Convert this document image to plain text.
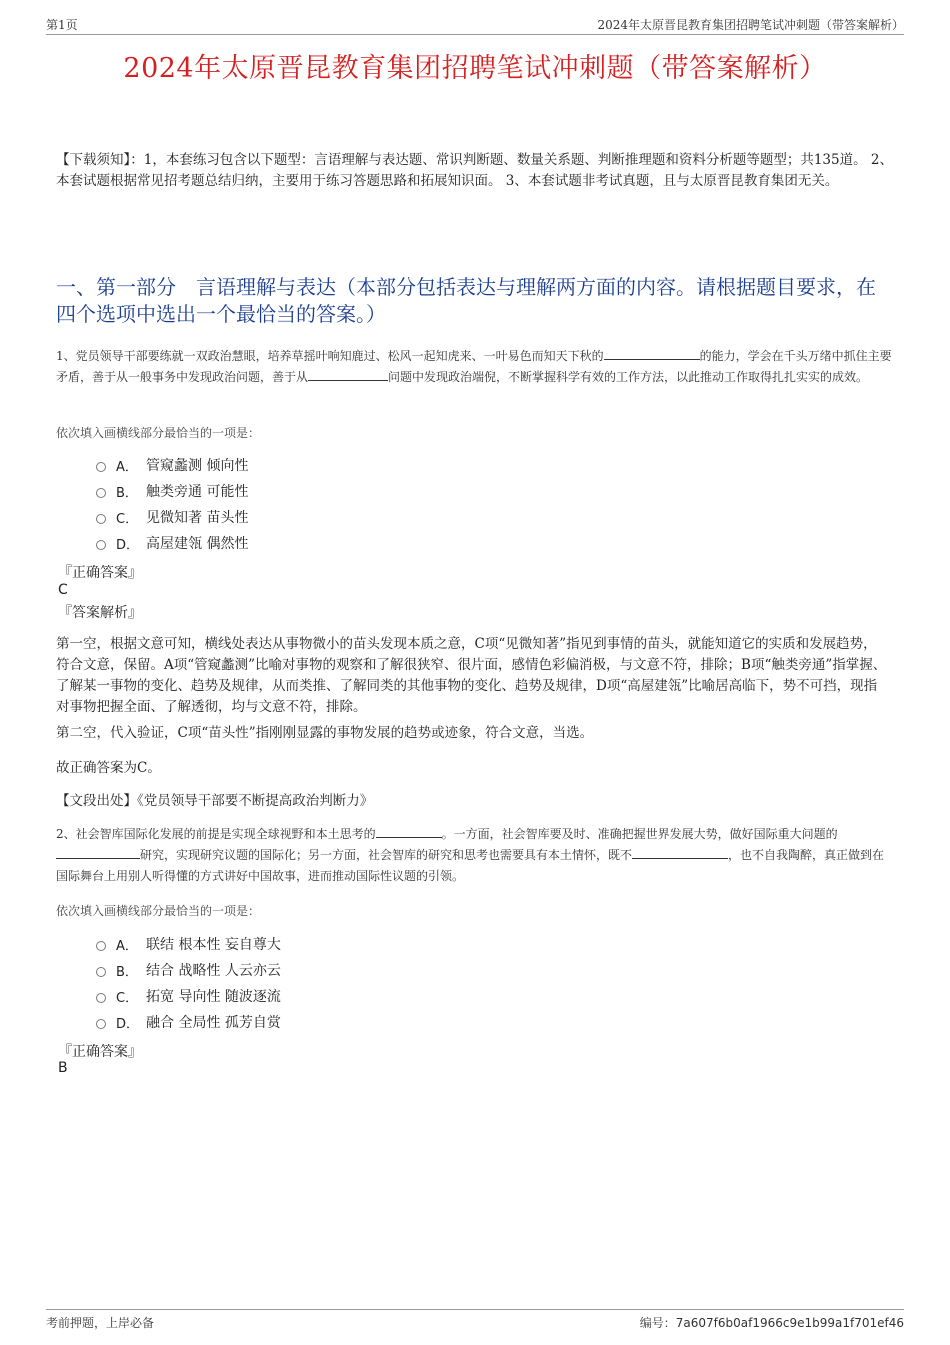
第1页	2024年太原晋昆教育集团招聘笔试冲刺题（带答案解析）
2024年太原晋昆教育集团招聘笔试冲刺题（带答案解析）
【下载须知】：1，本套练习包含以下题型：言语理解与表达题、常识判断题、数量关系题、判断推理题和资料分析题等题型；共135道。 2、本套试题根据常见招考题总结归纳，主要用于练习答题思路和拓展知识面。 3、本套试题非考试真题，且与太原晋昆教育集团无关。
一、第一部分　言语理解与表达（本部分包括表达与理解两方面的内容。请根据题目要求，在四个选项中选出一个最恰当的答案。）
1、党员领导干部要练就一双政治慧眼，培养草摇叶响知鹿过、松风一起知虎来、一叶易色而知天下秋的	的能力，学会在千头万绪中抓住主要矛盾，善于从一般事务中发现政治问题，善于从	问题中发现政治端倪，不断掌握科学有效的工作方法，以此推动工作取得扎扎实实的成效。
依次填入画横线部分最恰当的一项是：
A． 管窥蠡测 倾向性
B． 触类旁通 可能性
C． 见微知著 苗头性
D． 高屋建瓴 偶然性
『正确答案』
C
『答案解析』
第一空，根据文意可知，横线处表达从事物微小的苗头发现本质之意，C项“见微知著”指见到事情的苗头，就能知道它的实质和发展趋势，符合文意，保留。A项“管窥蠡测”比喻对事物的观察和了解很狭窄、很片面，感情色彩偏消极，与文意不符，排除；B项“触类旁通”指掌握、了解某一事物的变化、趋势及规律，从而类推、了解同类的其他事物的变化、趋势及规律，D项“高屋建瓴”比喻居高临下，势不可挡，现指对事物把握全面、了解透彻，均与文意不符，排除。
第二空，代入验证，C项“苗头性”指刚刚显露的事物发展的趋势或迹象，符合文意，当选。
故正确答案为C。
【文段出处】《党员领导干部要不断提高政治判断力》
2、社会智库国际化发展的前提是实现全球视野和本土思考的	。一方面，社会智库要及时、准确把握世界发展大势，做好国际重大问题的研究，实现研究议题的国际化；另一方面，社会智库的研究和思考也需要具有本土情怀，既不	，也不自我陶醉，真正做到在国际舞台上用别人听得懂的方式讲好中国故事，进而推动国际性议题的引领。
依次填入画横线部分最恰当的一项是：
A． 联结 根本性 妄自尊大
B． 结合 战略性 人云亦云
C． 拓宽 导向性 随波逐流
D． 融合 全局性 孤芳自赏
『正确答案』
B
考前押题，上岸必备	编号：7a607f6b0af1966c9e1b99a1f701ef46
